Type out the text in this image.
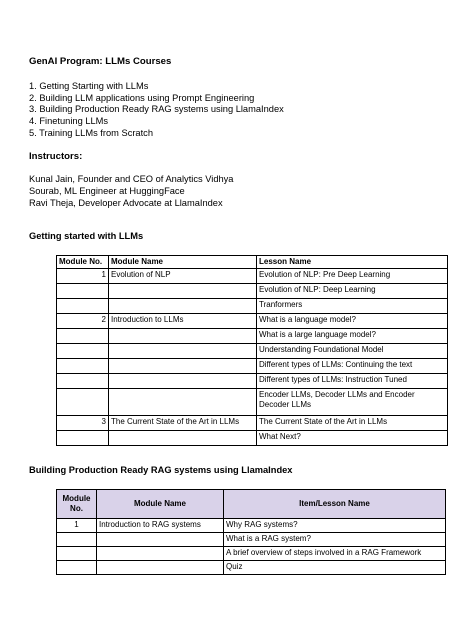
GenAI Program: LLMs Courses
1. Getting Starting with LLMs
2. Building LLM applications using Prompt Engineering
3. Building Production Ready RAG systems using LlamaIndex
4. Finetuning LLMs
5. Training LLMs from Scratch
Instructors:
Kunal Jain, Founder and CEO of Analytics Vidhya
Sourab, ML Engineer at HuggingFace
Ravi Theja, Developer Advocate at LlamaIndex
Getting started with LLMs
Module No.	Module Name	Lesson Name
1	Evolution of NLP	Evolution of NLP: Pre Deep Learning
		Evolution of NLP: Deep Learning
		Tranformers
2	Introduction to LLMs	What is a language model?
		What is a large language model?
		Understanding Foundational Model
		Different types of LLMs: Continuing the text
		Different types of LLMs: Instruction Tuned
		Encoder LLMs, Decoder LLMs and Encoder Decoder LLMs
3	The Current State of the Art in LLMs	The Current State of the Art in LLMs
		What Next?
Building Production Ready RAG systems using LlamaIndex
Module No.	Module Name	Item/Lesson Name
1	Introduction to RAG systems	Why RAG systems?
		What is a RAG system?
		A brief overview of steps involved in a RAG Framework
		Quiz
